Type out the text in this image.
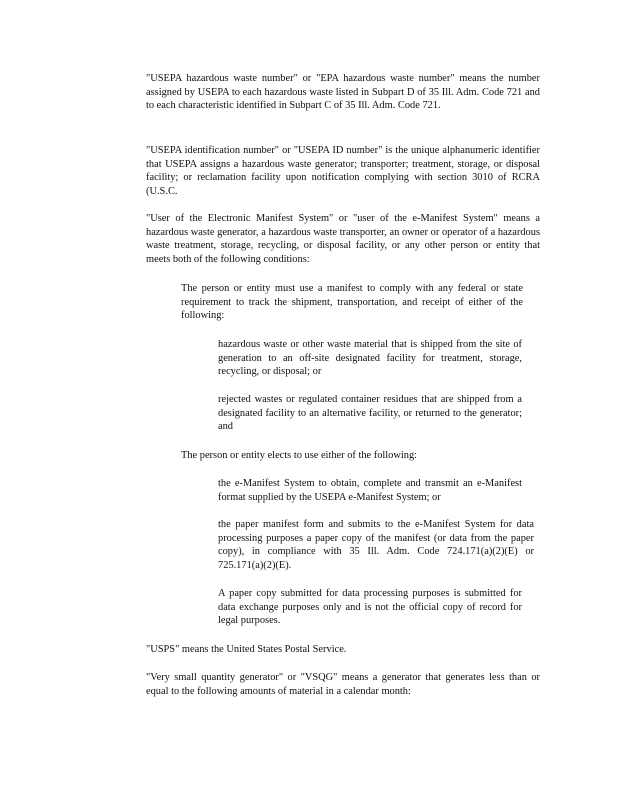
"USEPA hazardous waste number" or "EPA hazardous waste number" means the number assigned by USEPA to each hazardous waste listed in Subpart D of 35 Ill. Adm. Code 721 and to each characteristic identified in Subpart C of 35 Ill. Adm. Code 721.

"USEPA identification number" or "USEPA ID number" is the unique alphanumeric identifier that USEPA assigns a hazardous waste generator; transporter; treatment, storage, or disposal facility; or reclamation facility upon notification complying with section 3010 of RCRA (U.S.C.

"User of the Electronic Manifest System" or "user of the e-Manifest System" means a hazardous waste generator, a hazardous waste transporter, an owner or operator of a hazardous waste treatment, storage, recycling, or disposal facility, or any other person or entity that meets both of the following conditions:

The person or entity must use a manifest to comply with any federal or state requirement to track the shipment, transportation, and receipt of either of the following:

hazardous waste or other waste material that is shipped from the site of generation to an off-site designated facility for treatment, storage, recycling, or disposal; or

rejected wastes or regulated container residues that are shipped from a designated facility to an alternative facility, or returned to the generator; and

The person or entity elects to use either of the following:

the e-Manifest System to obtain, complete and transmit an e-Manifest format supplied by the USEPA e-Manifest System; or

the paper manifest form and submits to the e-Manifest System for data processing purposes a paper copy of the manifest (or data from the paper copy), in compliance with 35 Ill. Adm. Code 724.171(a)(2)(E) or 725.171(a)(2)(E).

A paper copy submitted for data processing purposes is submitted for data exchange purposes only and is not the official copy of record for legal purposes.

"USPS" means the United States Postal Service.

"Very small quantity generator" or "VSQG" means a generator that generates less than or equal to the following amounts of material in a calendar month:
